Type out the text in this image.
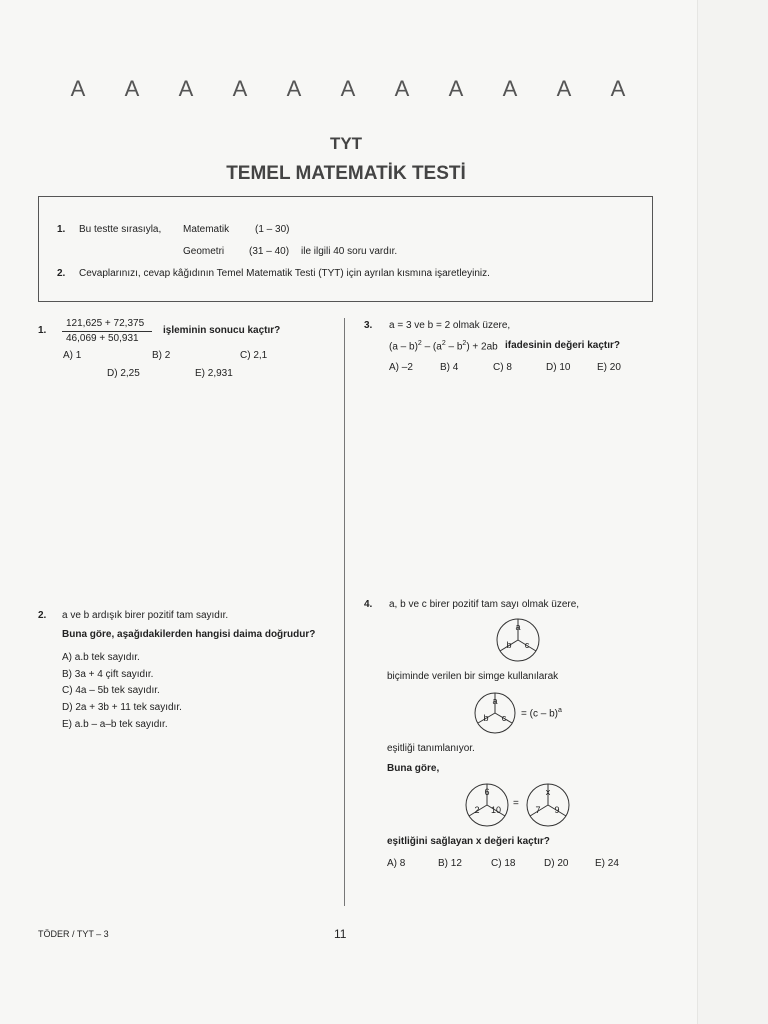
A A A A A A A A A A A
TYT
TEMEL MATEMATİK TESTİ
1. Bu testte sırasıyla, Matematik	(1 – 30)
Geometri (31 – 40) ile ilgili 40 soru vardır.
2. Cevaplarınızı, cevap kâğıdının Temel Matematik Testi (TYT) için ayrılan kısmına işaretleyiniz.
1.
121,625 + 72,375
46,069 + 50,931
işleminin sonucu kaçtır?
A) 1	B) 2	C) 2,1
D) 2,25	E) 2,931
2. a ve b ardışık birer pozitif tam sayıdır.
Buna göre, aşağıdakilerden hangisi daima doğrudur?
A) a.b tek sayıdır.
B) 3a + 4 çift sayıdır.
C) 4a – 5b tek sayıdır.
D) 2a + 3b + 11 tek sayıdır.
E) a.b – a–b tek sayıdır.
3. a = 3 ve b = 2 olmak üzere,
$(a - b)^2 - (a^2 - b^2) + 2ab$ ifadesinin değeri kaçtır?
A) –2	B) 4	C) 8	D) 10	E) 20
4. a, b ve c birer pozitif tam sayı olmak üzere,
a
b c
biçiminde verilen bir simge kullanılarak
a
b c = (c – b)$^a$
eşitliği tanımlanıyor.
Buna göre,
6
2 10
=
x
7 9
eşitliğini sağlayan x değeri kaçtır?
A) 8	B) 12	C) 18	D) 20	E) 24
TÖDER / TYT – 3	11
